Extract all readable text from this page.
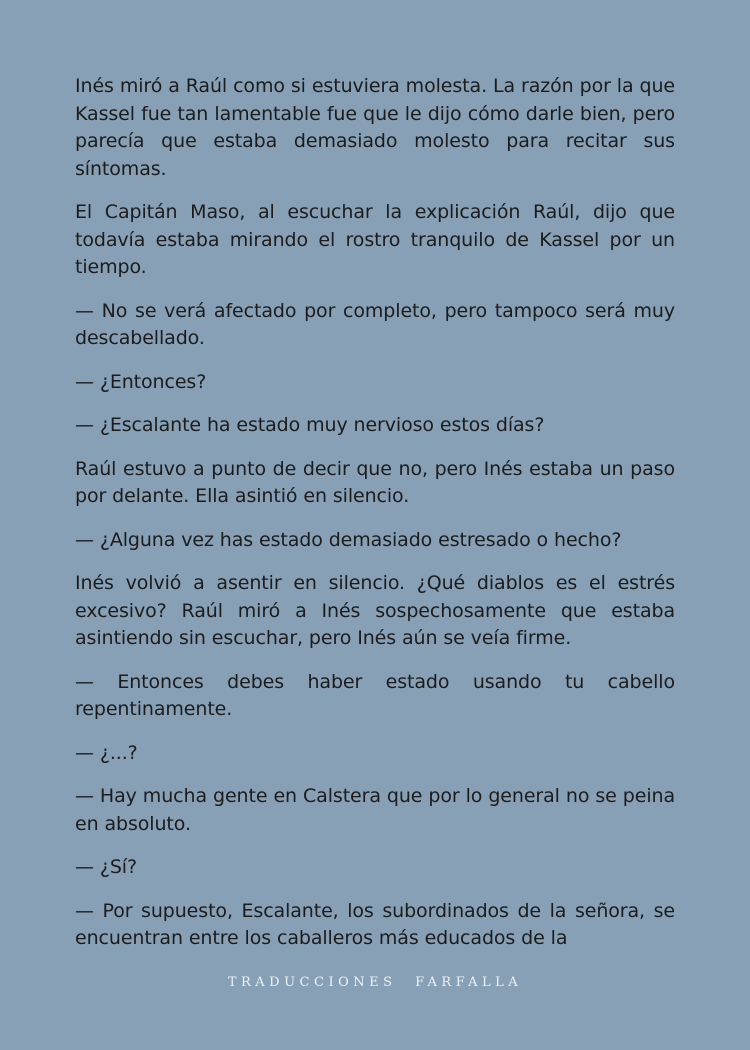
Inés miró a Raúl como si estuviera molesta. La razón por la que Kassel fue tan lamentable fue que le dijo cómo darle bien, pero parecía que estaba demasiado molesto para recitar sus síntomas.

El Capitán Maso, al escuchar la explicación Raúl, dijo que todavía estaba mirando el rostro tranquilo de Kassel por un tiempo.

— No se verá afectado por completo, pero tampoco será muy descabellado.

— ¿Entonces?

— ¿Escalante ha estado muy nervioso estos días?

Raúl estuvo a punto de decir que no, pero Inés estaba un paso por delante. Ella asintió en silencio.

— ¿Alguna vez has estado demasiado estresado o hecho?

Inés volvió a asentir en silencio. ¿Qué diablos es el estrés excesivo? Raúl miró a Inés sospechosamente que estaba asintiendo sin escuchar, pero Inés aún se veía firme.

— Entonces debes haber estado usando tu cabello repentinamente.

— ¿...?

— Hay mucha gente en Calstera que por lo general no se peina en absoluto.

— ¿Sí?

— Por supuesto, Escalante, los subordinados de la señora, se encuentran entre los caballeros más educados de la

TRADUCCIONES FARFALLA
